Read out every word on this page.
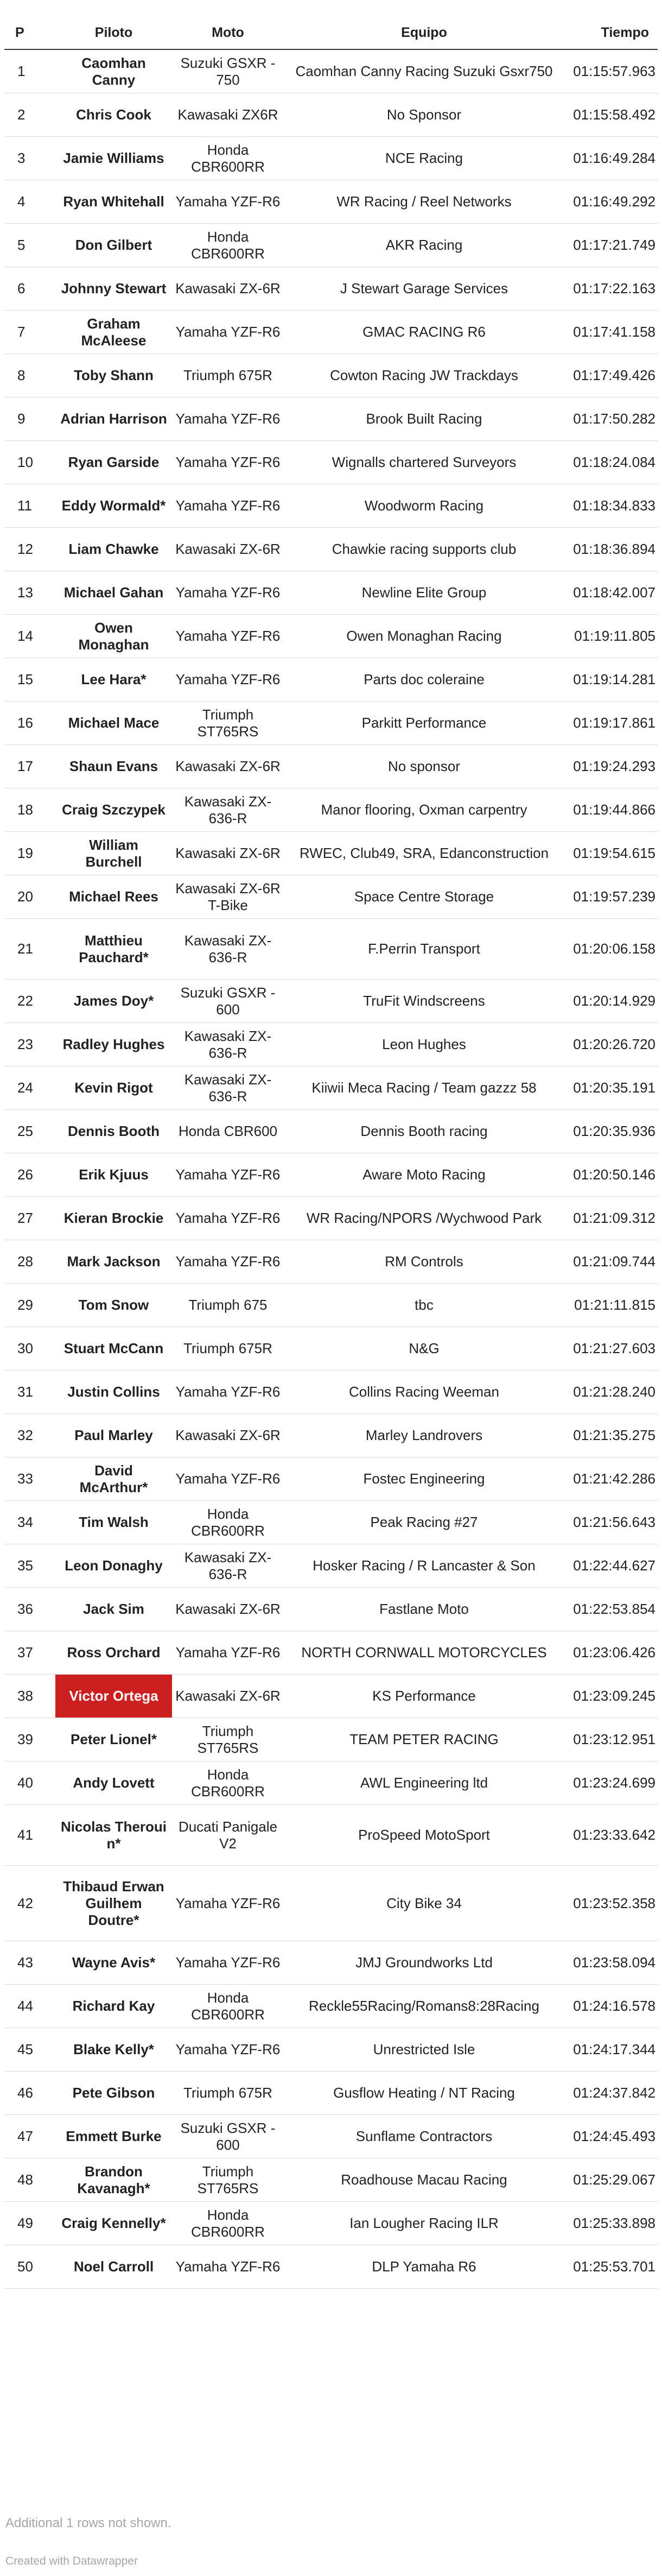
P	Piloto	Moto	Equipo	Tiempo
1	Caomhan Canny	Suzuki GSXR - 750	Caomhan Canny Racing Suzuki Gsxr750	01:15:57.963
2	Chris Cook	Kawasaki ZX6R	No Sponsor	01:15:58.492
3	Jamie Williams	Honda CBR600RR	NCE Racing	01:16:49.284
4	Ryan Whitehall	Yamaha YZF-R6	WR Racing / Reel Networks	01:16:49.292
5	Don Gilbert	Honda CBR600RR	AKR Racing	01:17:21.749
6	Johnny Stewart	Kawasaki ZX-6R	J Stewart Garage Services	01:17:22.163
7	Graham McAleese	Yamaha YZF-R6	GMAC RACING R6	01:17:41.158
8	Toby Shann	Triumph 675R	Cowton Racing JW Trackdays	01:17:49.426
9	Adrian Harrison	Yamaha YZF-R6	Brook Built Racing	01:17:50.282
10	Ryan Garside	Yamaha YZF-R6	Wignalls chartered Surveyors	01:18:24.084
11	Eddy Wormald*	Yamaha YZF-R6	Woodworm Racing	01:18:34.833
12	Liam Chawke	Kawasaki ZX-6R	Chawkie racing supports club	01:18:36.894
13	Michael Gahan	Yamaha YZF-R6	Newline Elite Group	01:18:42.007
14	Owen Monaghan	Yamaha YZF-R6	Owen Monaghan Racing	01:19:11.805
15	Lee Hara*	Yamaha YZF-R6	Parts doc coleraine	01:19:14.281
16	Michael Mace	Triumph ST765RS	Parkitt Performance	01:19:17.861
17	Shaun Evans	Kawasaki ZX-6R	No sponsor	01:19:24.293
18	Craig Szczypek	Kawasaki ZX-636-R	Manor flooring, Oxman carpentry	01:19:44.866
19	William Burchell	Kawasaki ZX-6R	RWEC, Club49, SRA, Edanconstruction	01:19:54.615
20	Michael Rees	Kawasaki ZX-6R T-Bike	Space Centre Storage	01:19:57.239
21	Matthieu Pauchard*	Kawasaki ZX-636-R	F.Perrin Transport	01:20:06.158
22	James Doy*	Suzuki GSXR - 600	TruFit Windscreens	01:20:14.929
23	Radley Hughes	Kawasaki ZX-636-R	Leon Hughes	01:20:26.720
24	Kevin Rigot	Kawasaki ZX-636-R	Kiiwii Meca Racing / Team gazzz 58	01:20:35.191
25	Dennis Booth	Honda CBR600	Dennis Booth racing	01:20:35.936
26	Erik Kjuus	Yamaha YZF-R6	Aware Moto Racing	01:20:50.146
27	Kieran Brockie	Yamaha YZF-R6	WR Racing/NPORS /Wychwood Park	01:21:09.312
28	Mark Jackson	Yamaha YZF-R6	RM Controls	01:21:09.744
29	Tom Snow	Triumph 675	tbc	01:21:11.815
30	Stuart McCann	Triumph 675R	N&G	01:21:27.603
31	Justin Collins	Yamaha YZF-R6	Collins Racing Weeman	01:21:28.240
32	Paul Marley	Kawasaki ZX-6R	Marley Landrovers	01:21:35.275
33	David McArthur*	Yamaha YZF-R6	Fostec Engineering	01:21:42.286
34	Tim Walsh	Honda CBR600RR	Peak Racing #27	01:21:56.643
35	Leon Donaghy	Kawasaki ZX-636-R	Hosker Racing / R Lancaster & Son	01:22:44.627
36	Jack Sim	Kawasaki ZX-6R	Fastlane Moto	01:22:53.854
37	Ross Orchard	Yamaha YZF-R6	NORTH CORNWALL MOTORCYCLES	01:23:06.426
38	Victor Ortega	Kawasaki ZX-6R	KS Performance	01:23:09.245
39	Peter Lionel*	Triumph ST765RS	TEAM PETER RACING	01:23:12.951
40	Andy Lovett	Honda CBR600RR	AWL Engineering ltd	01:23:24.699
41	Nicolas Theroui n*	Ducati Panigale V2	ProSpeed MotoSport	01:23:33.642
42	Thibaud Erwan Guilhem Doutre*	Yamaha YZF-R6	City Bike 34	01:23:52.358
43	Wayne Avis*	Yamaha YZF-R6	JMJ Groundworks Ltd	01:23:58.094
44	Richard Kay	Honda CBR600RR	Reckle55Racing/Romans8:28Racing	01:24:16.578
45	Blake Kelly*	Yamaha YZF-R6	Unrestricted Isle	01:24:17.344
46	Pete Gibson	Triumph 675R	Gusflow Heating / NT Racing	01:24:37.842
47	Emmett Burke	Suzuki GSXR - 600	Sunflame Contractors	01:24:45.493
48	Brandon Kavanagh*	Triumph ST765RS	Roadhouse Macau Racing	01:25:29.067
49	Craig Kennelly*	Honda CBR600RR	Ian Lougher Racing ILR	01:25:33.898
50	Noel Carroll	Yamaha YZF-R6	DLP Yamaha R6	01:25:53.701
Additional 1 rows not shown.
Created with Datawrapper
